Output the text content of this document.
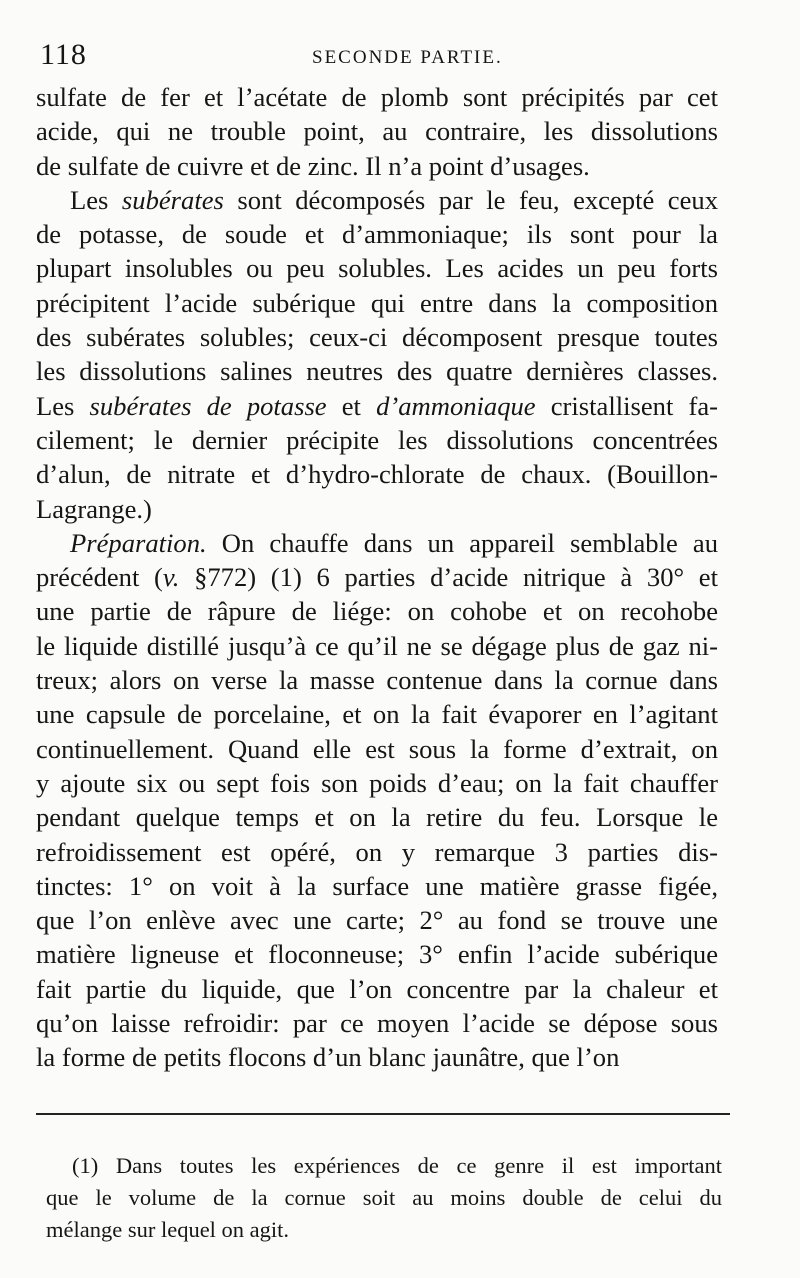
118	SECONDE PARTIE.
sulfate de fer et l’acétate de plomb sont précipités par cet
acide, qui ne trouble point, au contraire, les dissolutions
de sulfate de cuivre et de zinc. Il n’a point d’usages.
Les subérates sont décomposés par le feu, excepté ceux
de potasse, de soude et d’ammoniaque; ils sont pour la
plupart insolubles ou peu solubles. Les acides un peu forts
précipitent l’acide subérique qui entre dans la composition
des subérates solubles; ceux-ci décomposent presque toutes
les dissolutions salines neutres des quatre dernières classes.
Les subérates de potasse et d’ammoniaque cristallisent fa-
cilement; le dernier précipite les dissolutions concentrées
d’alun, de nitrate et d’hydro-chlorate de chaux. (Bouillon-
Lagrange.)
Préparation. On chauffe dans un appareil semblable au
précédent (v. §772) (1) 6 parties d’acide nitrique à 30° et
une partie de râpure de liége: on cohobe et on recohobe
le liquide distillé jusqu’à ce qu’il ne se dégage plus de gaz ni-
treux; alors on verse la masse contenue dans la cornue dans
une capsule de porcelaine, et on la fait évaporer en l’agitant
continuellement. Quand elle est sous la forme d’extrait, on
y ajoute six ou sept fois son poids d’eau; on la fait chauffer
pendant quelque temps et on la retire du feu. Lorsque le
refroidissement est opéré, on y remarque 3 parties dis-
tinctes: 1° on voit à la surface une matière grasse figée,
que l’on enlève avec une carte; 2° au fond se trouve une
matière ligneuse et floconneuse; 3° enfin l’acide subérique
fait partie du liquide, que l’on concentre par la chaleur et
qu’on laisse refroidir: par ce moyen l’acide se dépose sous
la forme de petits flocons d’un blanc jaunâtre, que l’on
(1) Dans toutes les expériences de ce genre il est important
que le volume de la cornue soit au moins double de celui du
mélange sur lequel on agit.
